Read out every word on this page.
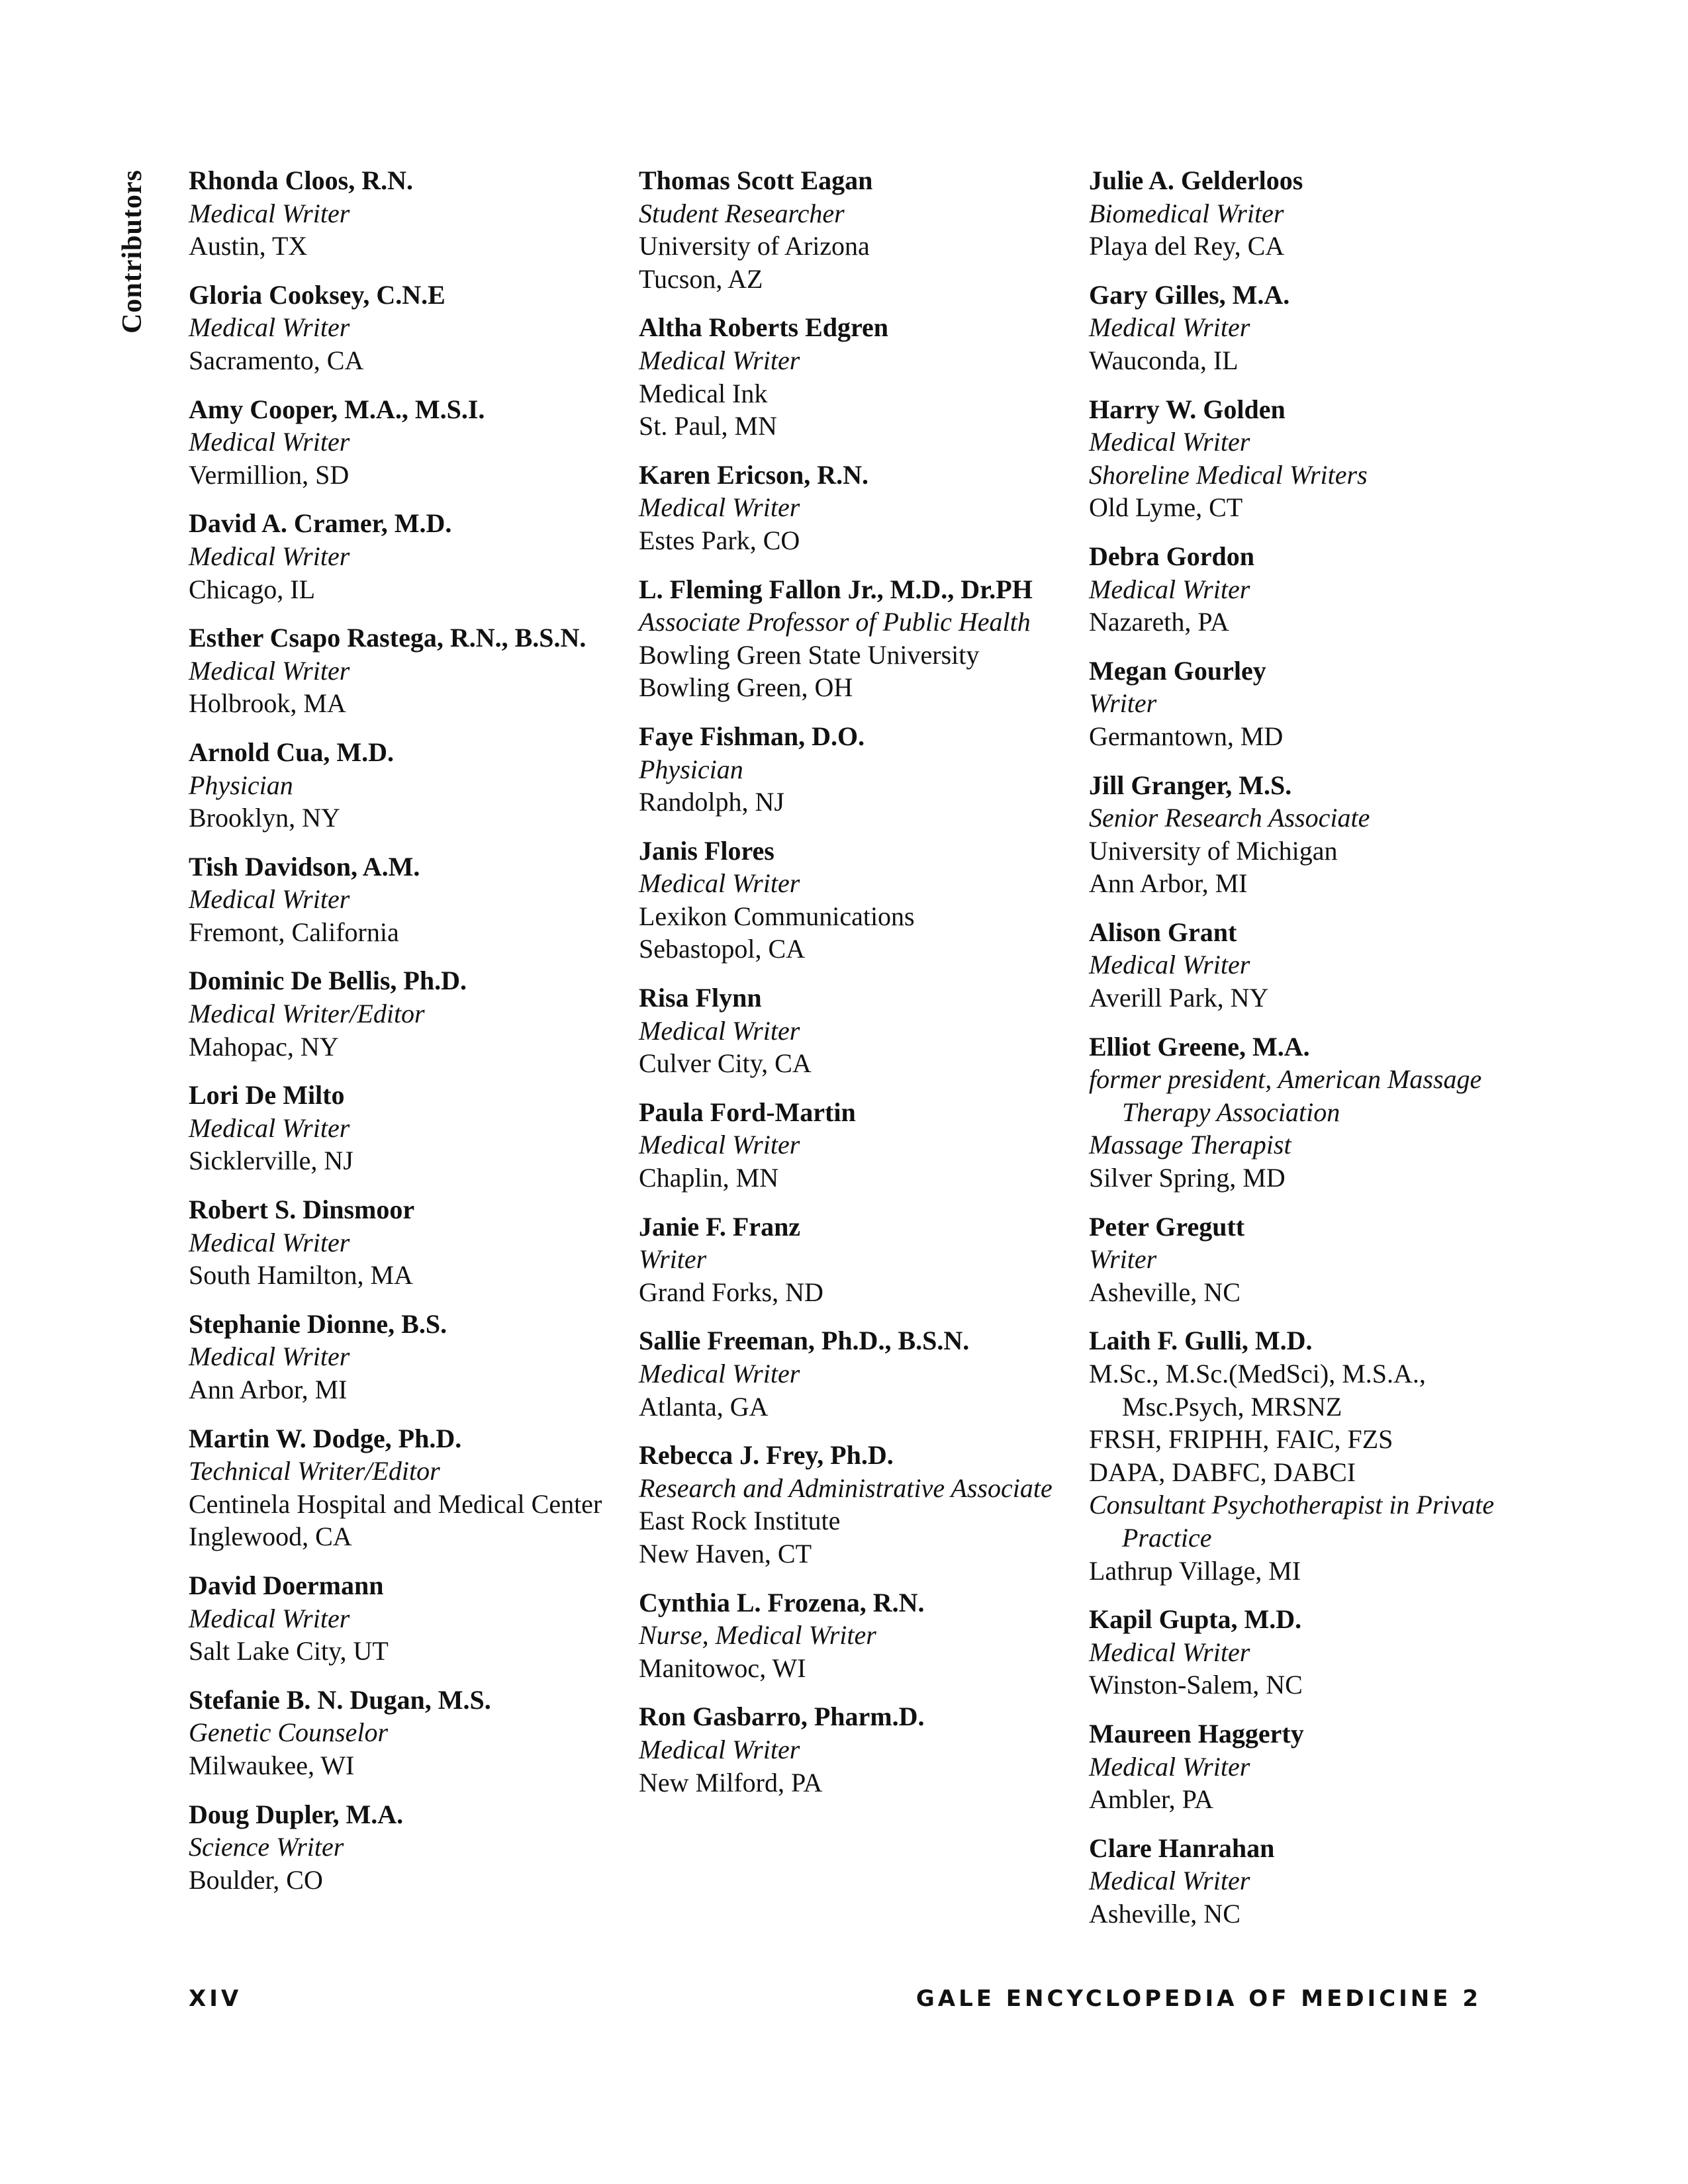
Contributors Rhonda Cloos, R.N.
Medical Writer
Austin, TX
Gloria Cooksey, C.N.E
Medical Writer
Sacramento, CA
Amy Cooper, M.A., M.S.I.
Medical Writer
Vermillion, SD
David A. Cramer, M.D.
Medical Writer
Chicago, IL
Esther Csapo Rastega, R.N., B.S.N.
Medical Writer
Holbrook, MA
Arnold Cua, M.D.
Physician
Brooklyn, NY
Tish Davidson, A.M.
Medical Writer
Fremont, California
Dominic De Bellis, Ph.D.
Medical Writer/Editor
Mahopac, NY
Lori De Milto
Medical Writer
Sicklerville, NJ
Robert S. Dinsmoor
Medical Writer
South Hamilton, MA
Stephanie Dionne, B.S.
Medical Writer
Ann Arbor, MI
Martin W. Dodge, Ph.D.
Technical Writer/Editor
Centinela Hospital and Medical Center
Inglewood, CA
David Doermann
Medical Writer
Salt Lake City, UT
Stefanie B. N. Dugan, M.S.
Genetic Counselor
Milwaukee, WI
Doug Dupler, M.A.
Science Writer
Boulder, CO
Thomas Scott Eagan
Student Researcher
University of Arizona
Tucson, AZ
Altha Roberts Edgren
Medical Writer
Medical Ink
St. Paul, MN
Karen Ericson, R.N.
Medical Writer
Estes Park, CO
L. Fleming Fallon Jr., M.D., Dr.PH
Associate Professor of Public Health
Bowling Green State University
Bowling Green, OH
Faye Fishman, D.O.
Physician
Randolph, NJ
Janis Flores
Medical Writer
Lexikon Communications
Sebastopol, CA
Risa Flynn
Medical Writer
Culver City, CA
Paula Ford-Martin
Medical Writer
Chaplin, MN
Janie F. Franz
Writer
Grand Forks, ND
Sallie Freeman, Ph.D., B.S.N.
Medical Writer
Atlanta, GA
Rebecca J. Frey, Ph.D.
Research and Administrative Associate
East Rock Institute
New Haven, CT
Cynthia L. Frozena, R.N.
Nurse, Medical Writer
Manitowoc, WI
Ron Gasbarro, Pharm.D.
Medical Writer
New Milford, PA
Julie A. Gelderloos
Biomedical Writer
Playa del Rey, CA
Gary Gilles, M.A.
Medical Writer
Wauconda, IL
Harry W. Golden
Medical Writer
Shoreline Medical Writers
Old Lyme, CT
Debra Gordon
Medical Writer
Nazareth, PA
Megan Gourley
Writer
Germantown, MD
Jill Granger, M.S.
Senior Research Associate
University of Michigan
Ann Arbor, MI
Alison Grant
Medical Writer
Averill Park, NY
Elliot Greene, M.A.
former president, American Massage Therapy Association
Massage Therapist
Silver Spring, MD
Peter Gregutt
Writer
Asheville, NC
Laith F. Gulli, M.D.
M.Sc., M.Sc.(MedSci), M.S.A., Msc.Psych, MRSNZ
FRSH, FRIPHH, FAIC, FZS
DAPA, DABFC, DABCI
Consultant Psychotherapist in Private Practice
Lathrup Village, MI
Kapil Gupta, M.D.
Medical Writer
Winston-Salem, NC
Maureen Haggerty
Medical Writer
Ambler, PA
Clare Hanrahan
Medical Writer
Asheville, NC
XIV	GALE ENCYCLOPEDIA OF MEDICINE 2
